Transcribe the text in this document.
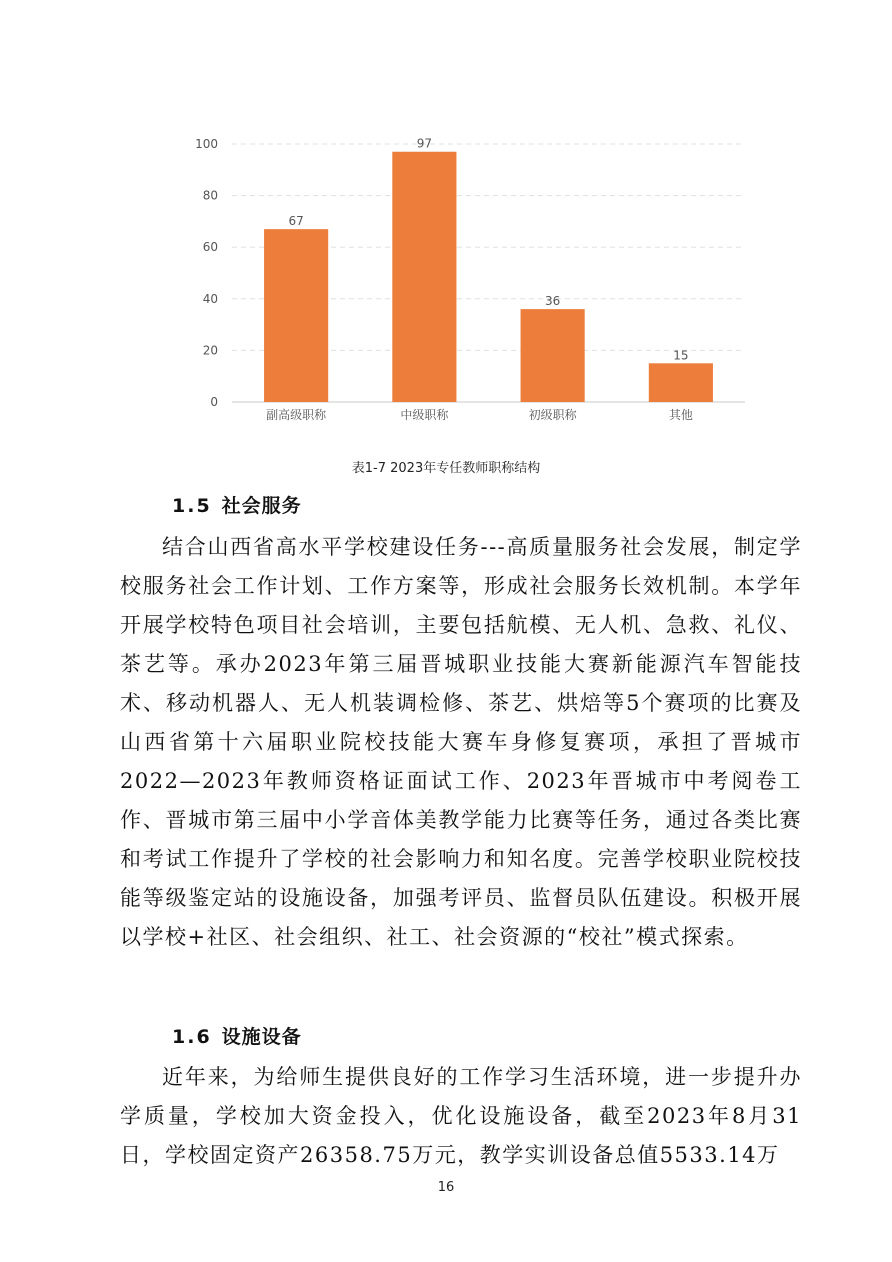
0
20
40
60
80
100
67
97
36
15
副高级职称	中级职称	初级职称	其他
表1-7 2023年专任教师职称结构
1.5 社会服务

结合山西省高水平学校建设任务---高质量服务社会发展，制定学校服务社会工作计划、工作方案等，形成社会服务长效机制。本学年开展学校特色项目社会培训，主要包括航模、无人机、急救、礼仪、茶艺等。承办2023年第三届晋城职业技能大赛新能源汽车智能技术、移动机器人、无人机装调检修、茶艺、烘焙等5个赛项的比赛及山西省第十六届职业院校技能大赛车身修复赛项，承担了晋城市2022—2023年教师资格证面试工作、2023年晋城市中考阅卷工作、晋城市第三届中小学音体美教学能力比赛等任务，通过各类比赛和考试工作提升了学校的社会影响力和知名度。完善学校职业院校技能等级鉴定站的设施设备，加强考评员、监督员队伍建设。积极开展以学校+社区、社会组织、社工、社会资源的“校社”模式探索。

1.6 设施设备

近年来，为给师生提供良好的工作学习生活环境，进一步提升办学质量，学校加大资金投入，优化设施设备，截至2023年8月31日，学校固定资产26358.75万元，教学实训设备总值5533.14万

16
